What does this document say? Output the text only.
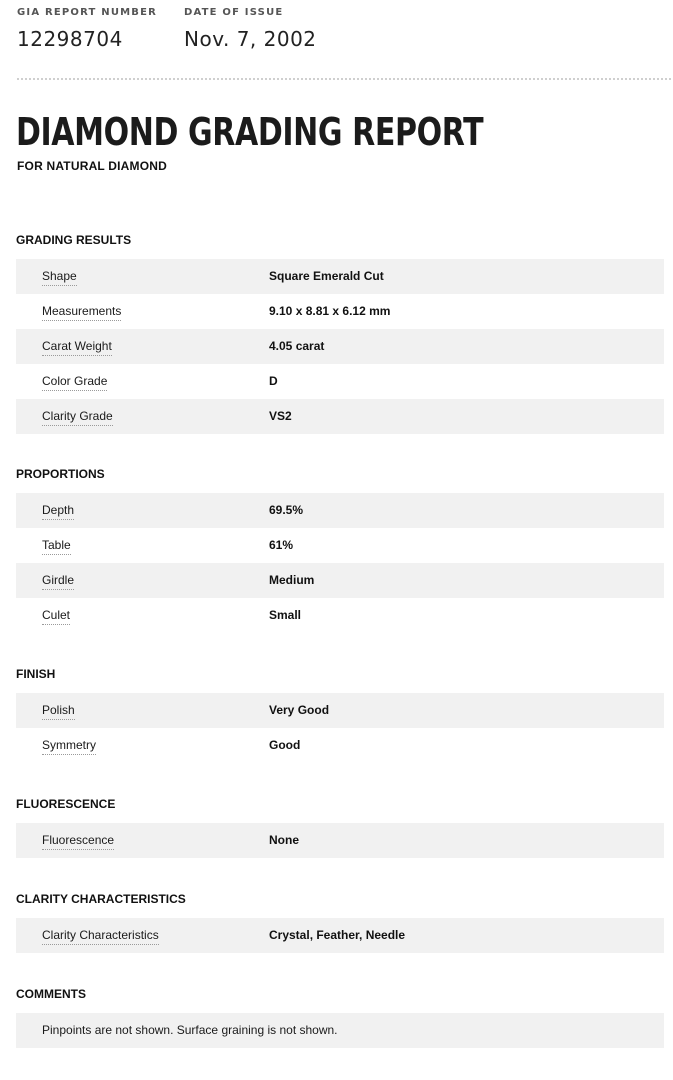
GIA REPORT NUMBER
12298704
DATE OF ISSUE
Nov. 7, 2002
DIAMOND GRADING REPORT
FOR NATURAL DIAMOND
GRADING RESULTS
Shape	Square Emerald Cut
Measurements	9.10 x 8.81 x 6.12 mm
Carat Weight	4.05 carat
Color Grade	D
Clarity Grade	VS2
PROPORTIONS
Depth	69.5%
Table	61%
Girdle	Medium
Culet	Small
FINISH
Polish	Very Good
Symmetry	Good
FLUORESCENCE
Fluorescence	None
CLARITY CHARACTERISTICS
Clarity Characteristics	Crystal, Feather, Needle
COMMENTS
Pinpoints are not shown. Surface graining is not shown.
